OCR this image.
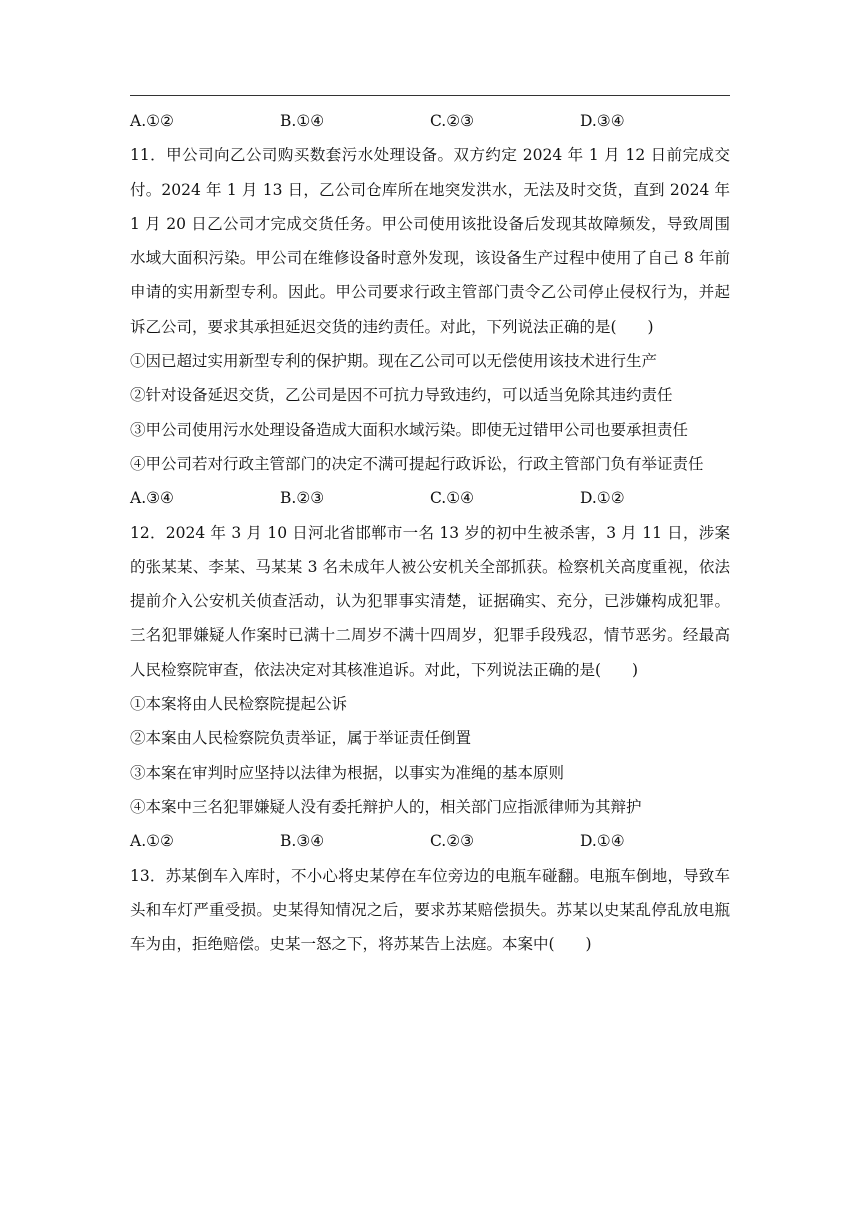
A.①②	B.①④	C.②③	D.③④

11．甲公司向乙公司购买数套污水处理设备。双方约定 2024 年 1 月 12 日前完成交付。2024 年 1 月 13 日，乙公司仓库所在地突发洪水，无法及时交货，直到 2024 年 1 月 20 日乙公司才完成交货任务。甲公司使用该批设备后发现其故障频发，导致周围水域大面积污染。甲公司在维修设备时意外发现，该设备生产过程中使用了自己 8 年前申请的实用新型专利。因此。甲公司要求行政主管部门责令乙公司停止侵权行为，并起诉乙公司，要求其承担延迟交货的违约责任。对此，下列说法正确的是(　　)

①因已超过实用新型专利的保护期。现在乙公司可以无偿使用该技术进行生产

②针对设备延迟交货，乙公司是因不可抗力导致违约，可以适当免除其违约责任

③甲公司使用污水处理设备造成大面积水域污染。即使无过错甲公司也要承担责任

④甲公司若对行政主管部门的决定不满可提起行政诉讼，行政主管部门负有举证责任

A.③④	B.②③	C.①④	D.①②

12．2024 年 3 月 10 日河北省邯郸市一名 13 岁的初中生被杀害，3 月 11 日，涉案的张某某、李某、马某某 3 名未成年人被公安机关全部抓获。检察机关高度重视，依法提前介入公安机关侦查活动，认为犯罪事实清楚，证据确实、充分，已涉嫌构成犯罪。三名犯罪嫌疑人作案时已满十二周岁不满十四周岁，犯罪手段残忍，情节恶劣。经最高人民检察院审查，依法决定对其核准追诉。对此，下列说法正确的是(　　)

①本案将由人民检察院提起公诉

②本案由人民检察院负责举证，属于举证责任倒置

③本案在审判时应坚持以法律为根据，以事实为准绳的基本原则

④本案中三名犯罪嫌疑人没有委托辩护人的，相关部门应指派律师为其辩护

A.①②	B.③④	C.②③	D.①④

13．苏某倒车入库时，不小心将史某停在车位旁边的电瓶车碰翻。电瓶车倒地，导致车头和车灯严重受损。史某得知情况之后，要求苏某赔偿损失。苏某以史某乱停乱放电瓶车为由，拒绝赔偿。史某一怒之下，将苏某告上法庭。本案中(　　)
